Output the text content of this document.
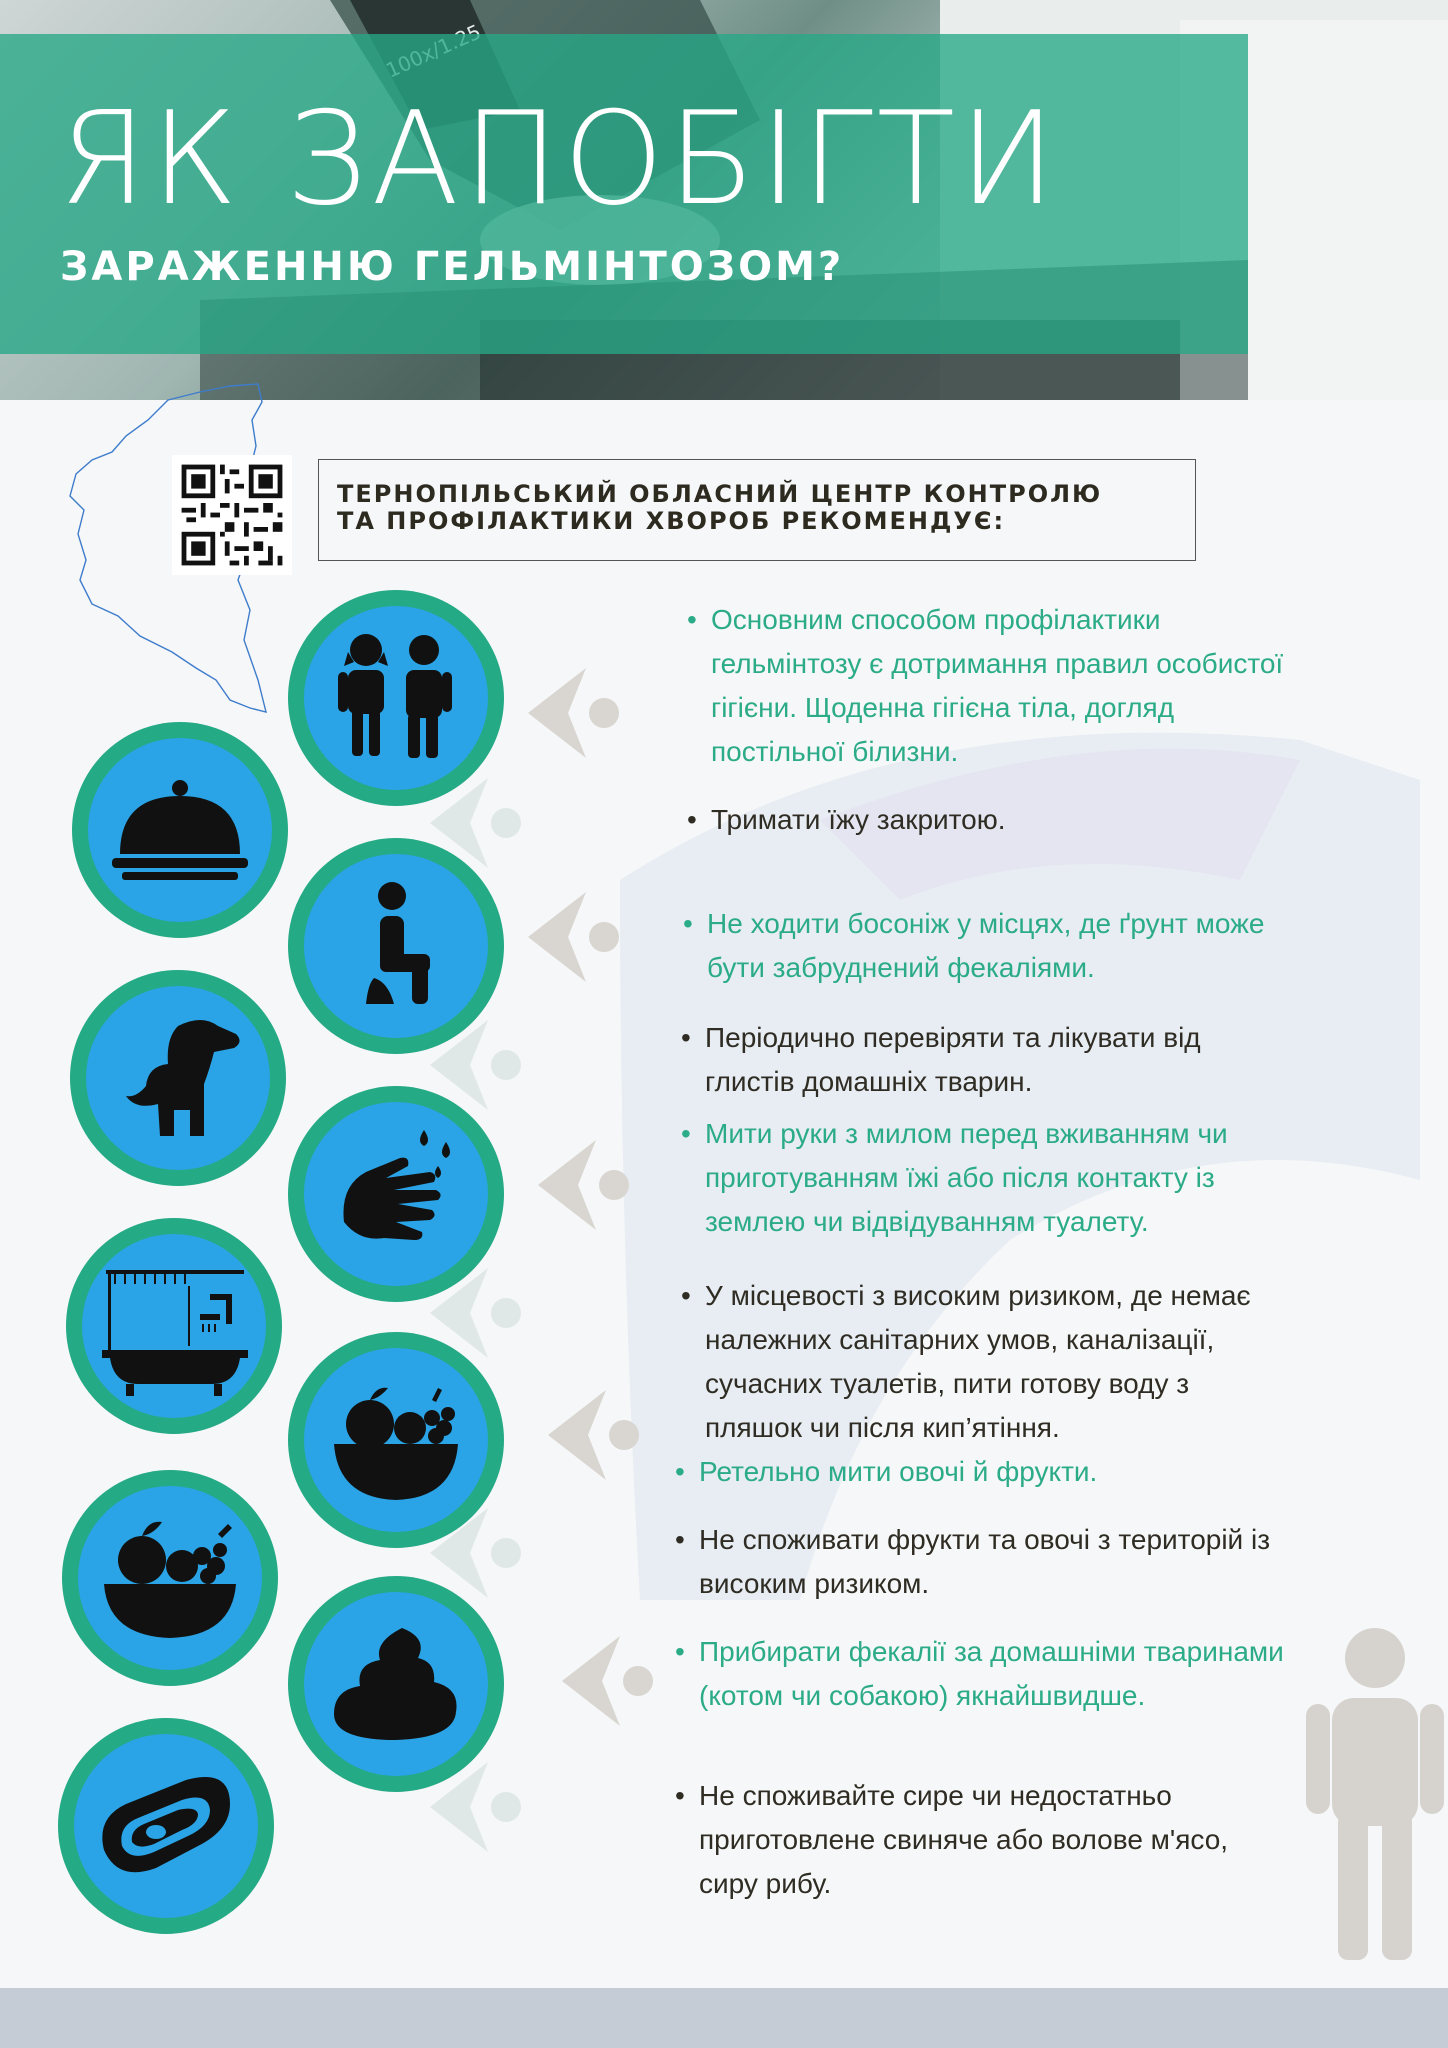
ЯК ЗАПОБІГТИ
ЗАРАЖЕННЮ ГЕЛЬМІНТОЗОМ?
ТЕРНОПІЛЬСЬКИЙ ОБЛАСНИЙ ЦЕНТР КОНТРОЛЮ
ТА ПРОФІЛАКТИКИ ХВОРОБ РЕКОМЕНДУЄ:
• Основним способом профілактики
гельмінтозу є дотримання правил особистої
гігієни. Щоденна гігієна тіла, догляд
постільної білизни.
• Тримати їжу закритою.
• Не ходити босоніж у місцях, де ґрунт може
бути забруднений фекаліями.
• Періодично перевіряти та лікувати від
глистів домашніх тварин.
• Мити руки з милом перед вживанням чи
приготуванням їжі або після контакту із
землею чи відвідуванням туалету.
• У місцевості з високим ризиком, де немає
належних санітарних умов, каналізації,
сучасних туалетів, пити готову воду з
пляшок чи після кип’ятіння.
• Ретельно мити овочі й фрукти.
• Не споживати фрукти та овочі з територій із
високим ризиком.
• Прибирати фекалії за домашніми тваринами
(котом чи собакою) якнайшвидше.
• Не споживайте сире чи недостатньо
приготовлене свиняче або волове м'ясо,
сиру рибу.
